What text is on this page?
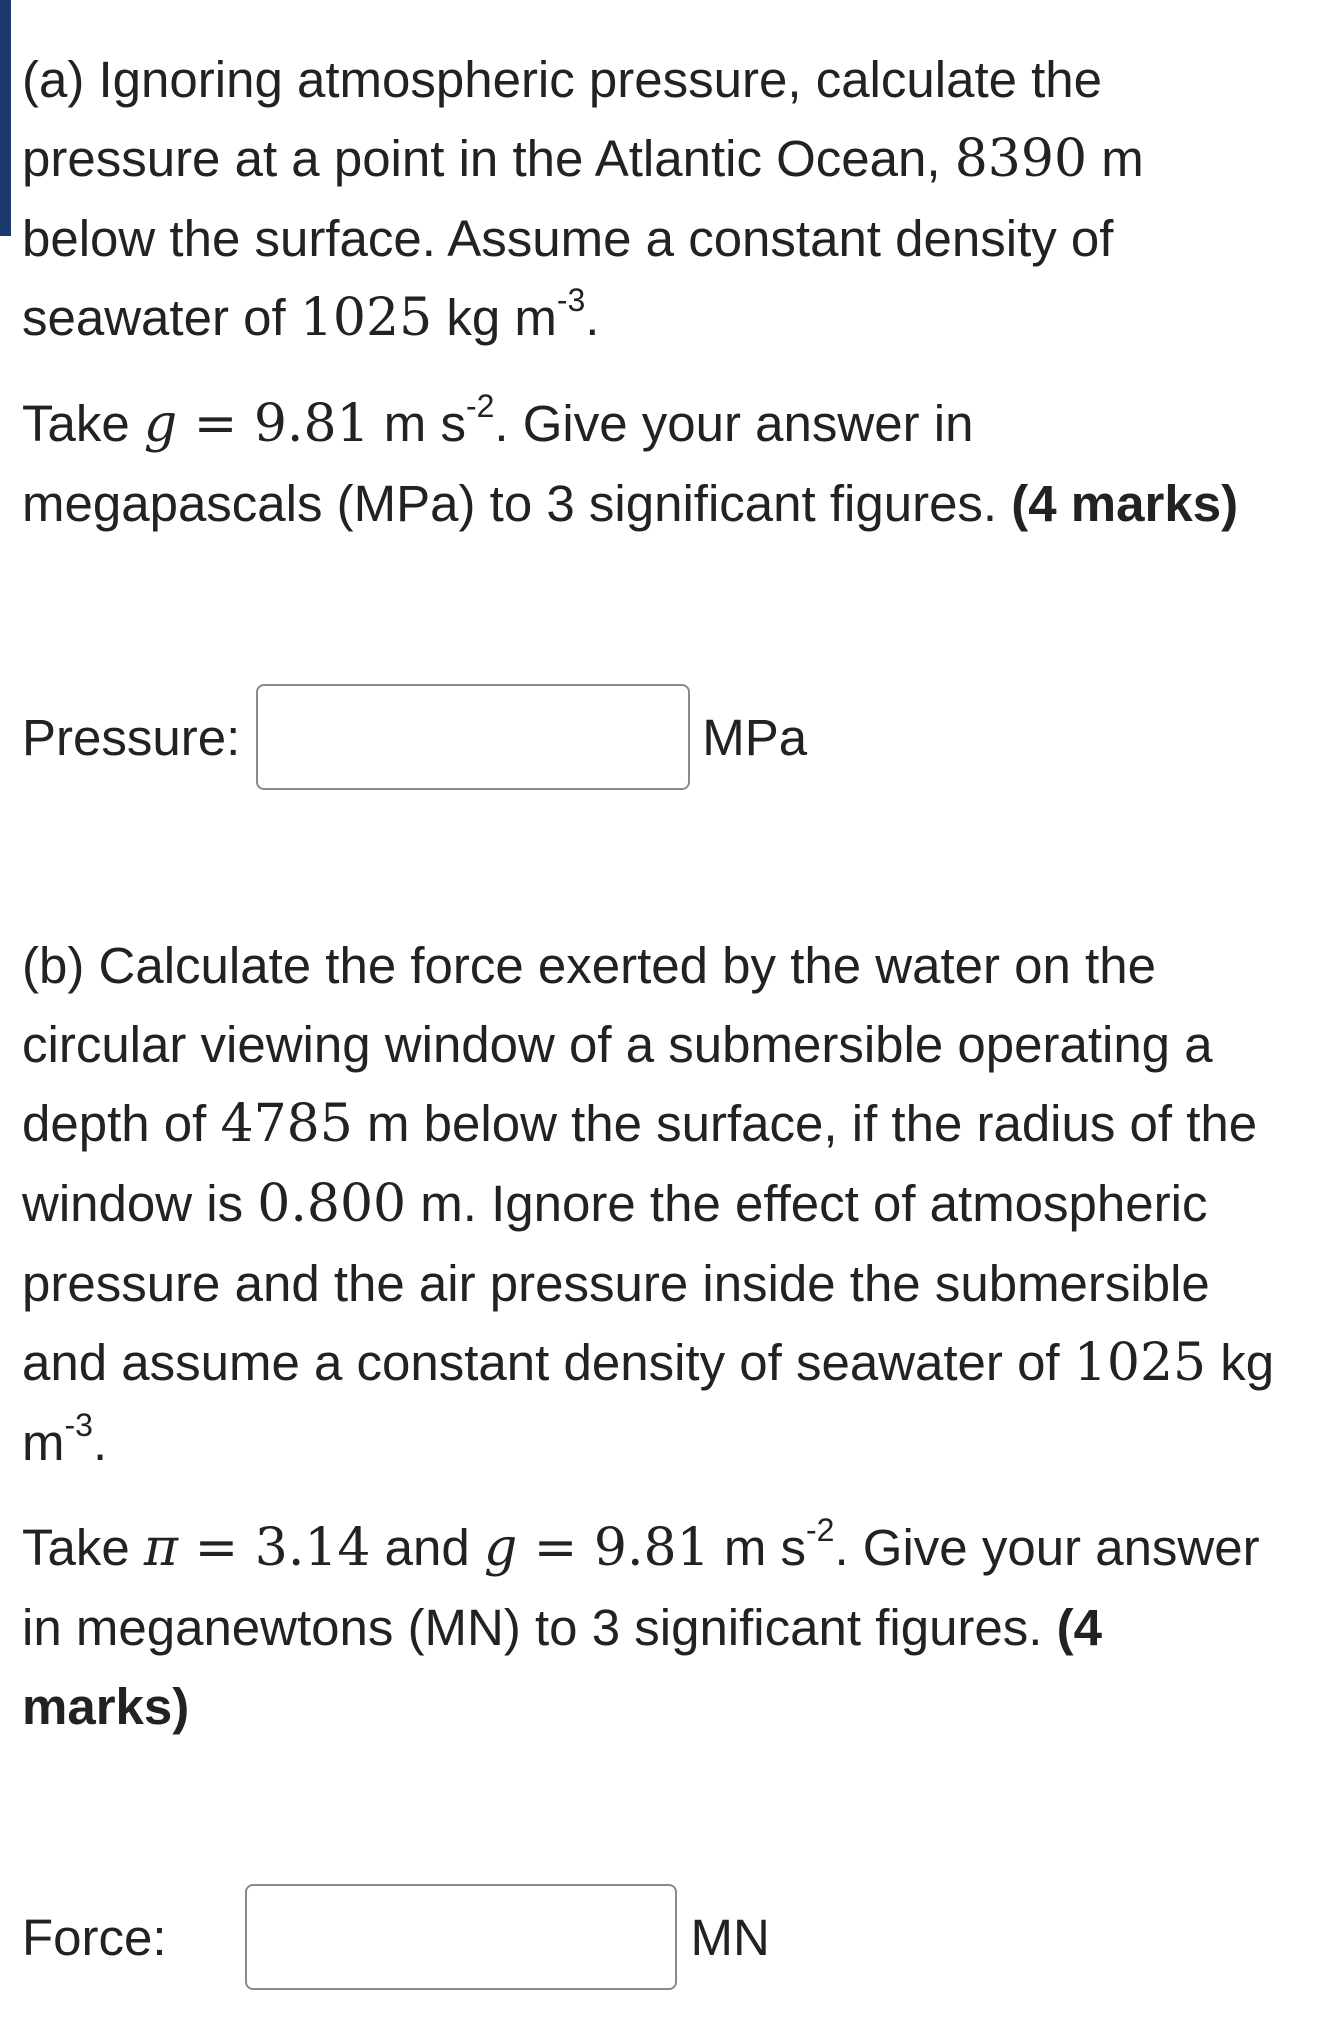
(a) Ignoring atmospheric pressure, calculate the

pressure at a point in the Atlantic Ocean, 8390 m

below the surface. Assume a constant density of

seawater of 1025 kg $m^{-3}$.

Take g = 9.81 m $s^{-2}$. Give your answer in

megapascals (MPa) to 3 significant figures. (4 marks)

Pressure:	MPa

(b) Calculate the force exerted by the water on the

circular viewing window of a submersible operating a

depth of 4785 m below the surface, if the radius of the

window is 0.800 m. Ignore the effect of atmospheric

pressure and the air pressure inside the submersible

and assume a constant density of seawater of 1025 kg

$m^{-3}$.

Take π = 3.14 and g = 9.81 m $s^{-2}$. Give your answer

in meganewtons (MN) to 3 significant figures. (4

marks)

Force:	MN
